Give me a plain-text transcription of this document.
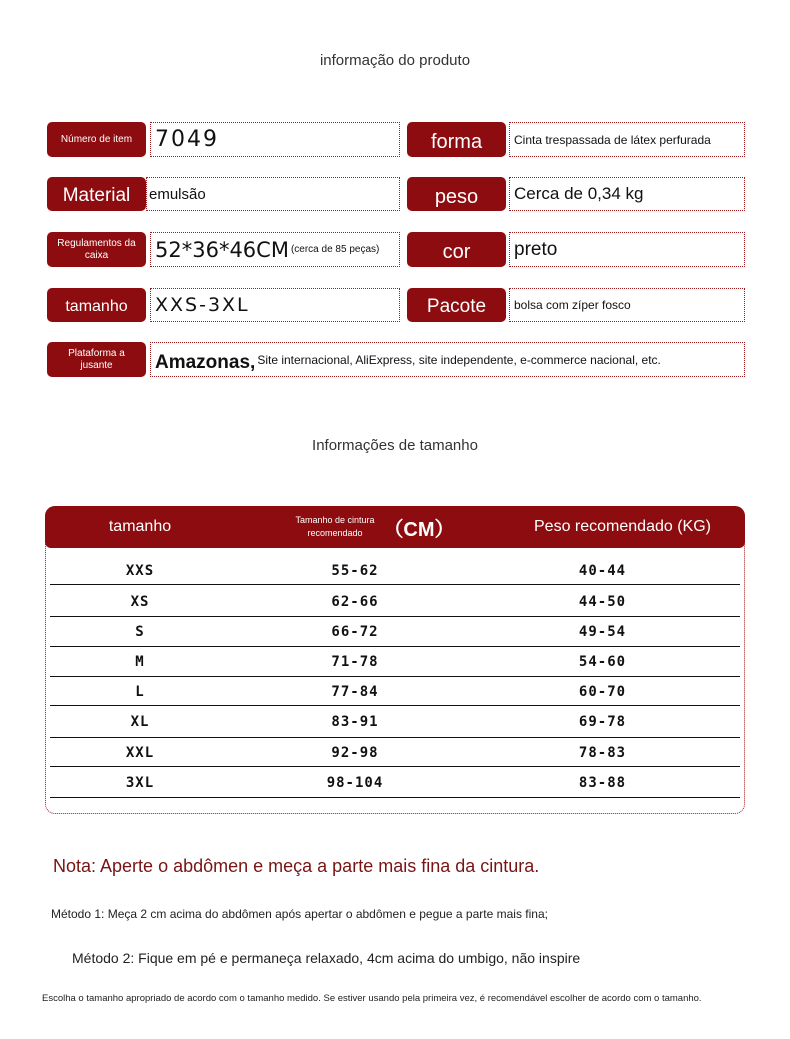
informação do produto
Número de item	7049	forma	Cinta trespassada de látex perfurada
Material	emulsão	peso	Cerca de 0,34 kg
Regulamentos da caixa	52*36*46CM (cerca de 85 peças)	cor	preto
tamanho	XXS-3XL	Pacote	bolsa com zíper fosco
Plataforma a jusante	Amazonas, Site internacional, AliExpress, site independente, e-commerce nacional, etc.
Informações de tamanho
tamanho	Tamanho de cintura recomendado	（CM）	Peso recomendado (KG)
XXS	55-62	40-44
XS	62-66	44-50
S	66-72	49-54
M	71-78	54-60
L	77-84	60-70
XL	83-91	69-78
XXL	92-98	78-83
3XL	98-104	83-88
Nota: Aperte o abdômen e meça a parte mais fina da cintura.
Método 1: Meça 2 cm acima do abdômen após apertar o abdômen e pegue a parte mais fina;
Método 2: Fique em pé e permaneça relaxado, 4cm acima do umbigo, não inspire
Escolha o tamanho apropriado de acordo com o tamanho medido. Se estiver usando pela primeira vez, é recomendável escolher de acordo com o tamanho.
